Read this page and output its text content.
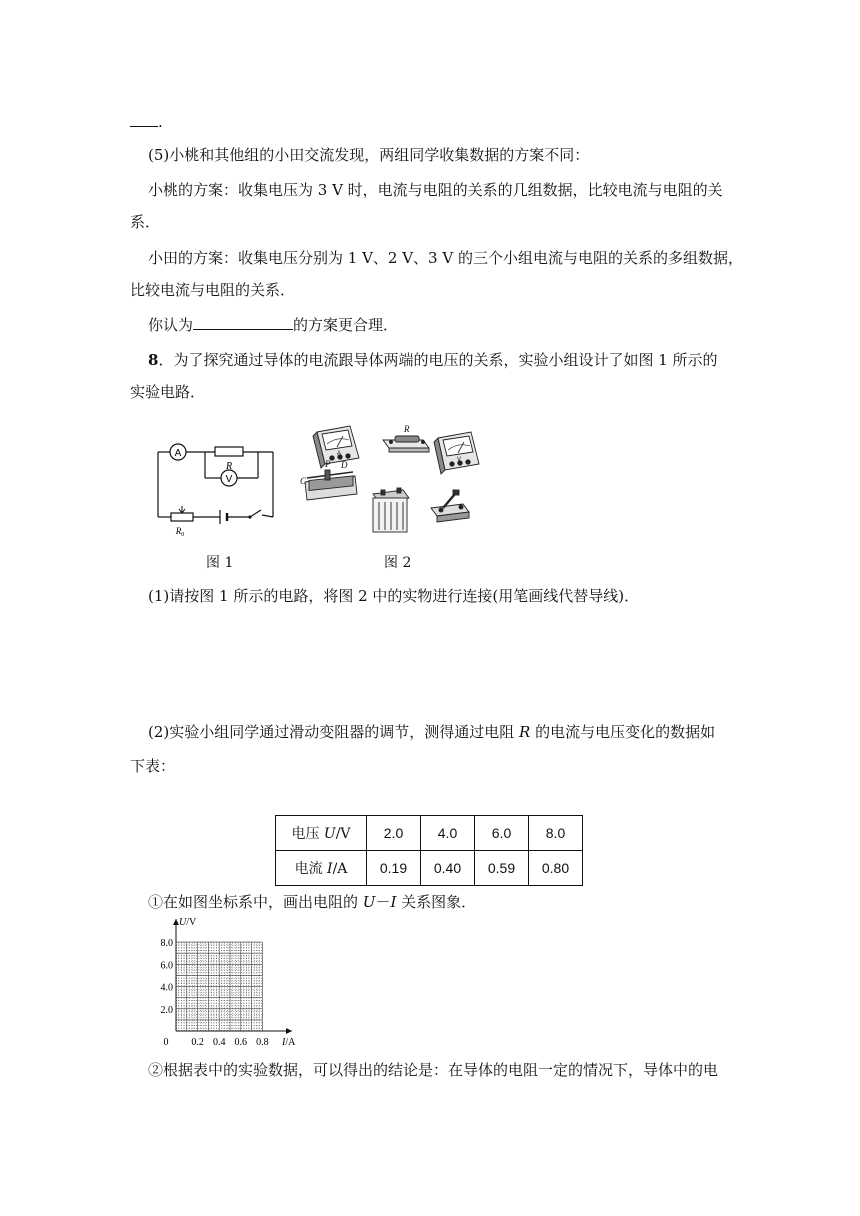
.
(5)小桃和其他组的小田交流发现，两组同学收集数据的方案不同：
小桃的方案：收集电压为 3 V 时，电流与电阻的关系的几组数据，比较电流与电阻的关
系．
小田的方案：收集电压分别为 1 V、2 V、3 V 的三个小组电流与电阻的关系的多组数据，
比较电流与电阻的关系．
你认为	的方案更合理．
8．为了探究通过导体的电流跟导体两端的电压的关系，实验小组设计了如图 1 所示的
实验电路．
A
R
V
$R_0$
A
R
V
C
P D
图 1	图 2
(1)请按图 1 所示的电路，将图 2 中的实物进行连接(用笔画线代替导线)．
(2)实验小组同学通过滑动变阻器的调节，测得通过电阻 R 的电流与电压变化的数据如
下表：
电压 U/V	2.0	4.0	6.0	8.0
电流 I/A	0.19	0.40	0.59	0.80
①在如图坐标系中，画出电阻的 U－I 关系图象．
0 0.2 0.4 0.6 0.8
2.0
4.0
6.0
8.0
I/A
U/V
②根据表中的实验数据，可以得出的结论是：在导体的电阻一定的情况下，导体中的电
